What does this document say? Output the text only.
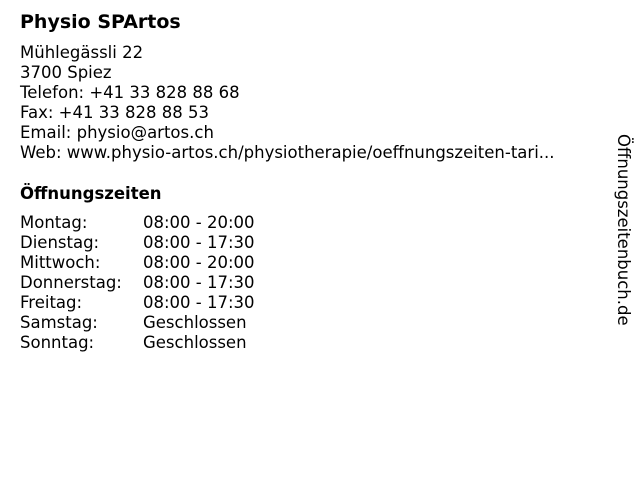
Physio SPArtos
Mühlegässli 22
3700 Spiez
Telefon: +41 33 828 88 68
Fax: +41 33 828 88 53
Email: physio@artos.ch
Web: www.physio-artos.ch/physiotherapie/oeffnungszeiten-tari...
Öffnungszeiten
Montag:	08:00 - 20:00
Dienstag:	08:00 - 17:30
Mittwoch:	08:00 - 20:00
Donnerstag: 08:00 - 17:30
Freitag:	08:00 - 17:30
Samstag:	Geschlossen
Sonntag:	Geschlossen
Öffnungszeitenbuch.de
